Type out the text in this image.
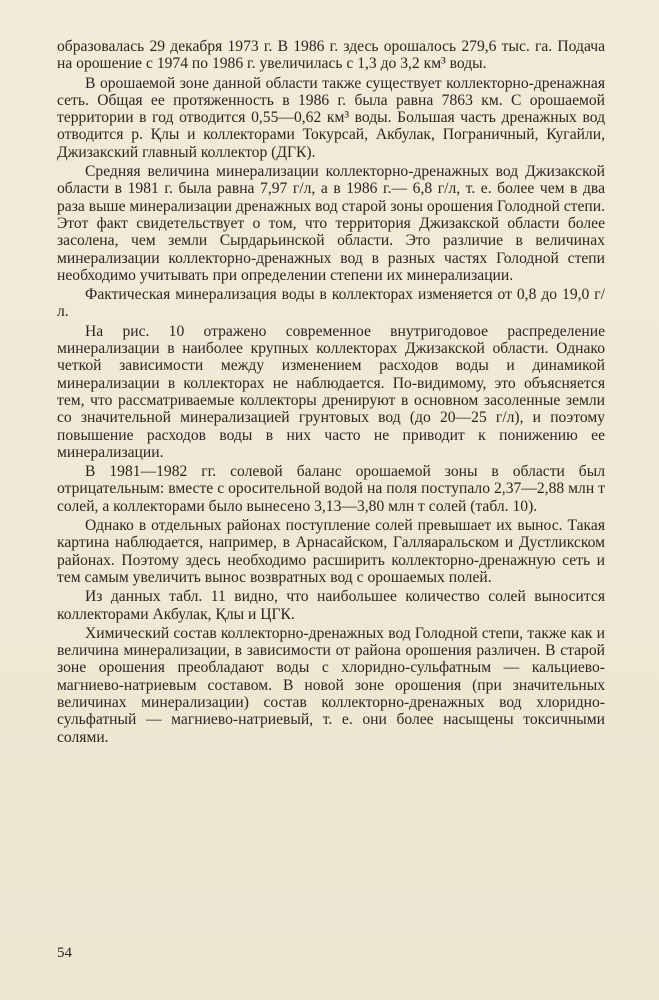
образовалась 29 декабря 1973 г. В 1986 г. здесь орошалось 279,6 тыс. га. Подача на орошение с 1974 по 1986 г. увеличилась с 1,3 до 3,2 км³ воды.

В орошаемой зоне данной области также существует коллекторно-дренажная сеть. Общая ее протяженность в 1986 г. была равна 7863 км. С орошаемой территории в год отводится 0,55—0,62 км³ воды. Большая часть дренажных вод отводится р. Қлы и коллекторами Токурсай, Акбулак, Пограничный, Кугайли, Джизакский главный коллектор (ДГК).

Средняя величина минерализации коллекторно-дренажных вод Джизакской области в 1981 г. была равна 7,97 г/л, а в 1986 г.— 6,8 г/л, т. е. более чем в два раза выше минерализации дренажных вод старой зоны орошения Голодной степи. Этот факт свидетельствует о том, что территория Джизакской области более засолена, чем земли Сырдарьинской области. Это различие в величинах минерализации коллекторно-дренажных вод в разных частях Голодной степи необходимо учитывать при определении степени их минерализации.

Фактическая минерализация воды в коллекторах изменяется от 0,8 до 19,0 г/л.

На рис. 10 отражено современное внутригодовое распределение минерализации в наиболее крупных коллекторах Джизакской области. Однако четкой зависимости между изменением расходов воды и динамикой минерализации в коллекторах не наблюдается. По-видимому, это объясняется тем, что рассматриваемые коллекторы дренируют в основном засоленные земли со значительной минерализацией грунтовых вод (до 20—25 г/л), и поэтому повышение расходов воды в них часто не приводит к понижению ее минерализации.

В 1981—1982 гг. солевой баланс орошаемой зоны в области был отрицательным: вместе с оросительной водой на поля поступало 2,37—2,88 млн т солей, а коллекторами было вынесено 3,13—3,80 млн т солей (табл. 10).

Однако в отдельных районах поступление солей превышает их вынос. Такая картина наблюдается, например, в Арнасайском, Галляаральском и Дустликском районах. Поэтому здесь необходимо расширить коллекторно-дренажную сеть и тем самым увеличить вынос возвратных вод с орошаемых полей.

Из данных табл. 11 видно, что наибольшее количество солей выносится коллекторами Акбулак, Қлы и ЦГК.

Химический состав коллекторно-дренажных вод Голодной степи, также как и величина минерализации, в зависимости от района орошения различен. В старой зоне орошения преобладают воды с хлоридно-сульфатным — кальциево-магниево-натриевым составом. В новой зоне орошения (при значительных величинах минерализации) состав коллекторно-дренажных вод хлоридно-сульфатный — магниево-натриевый, т. е. они более насыщены токсичными солями.

54
